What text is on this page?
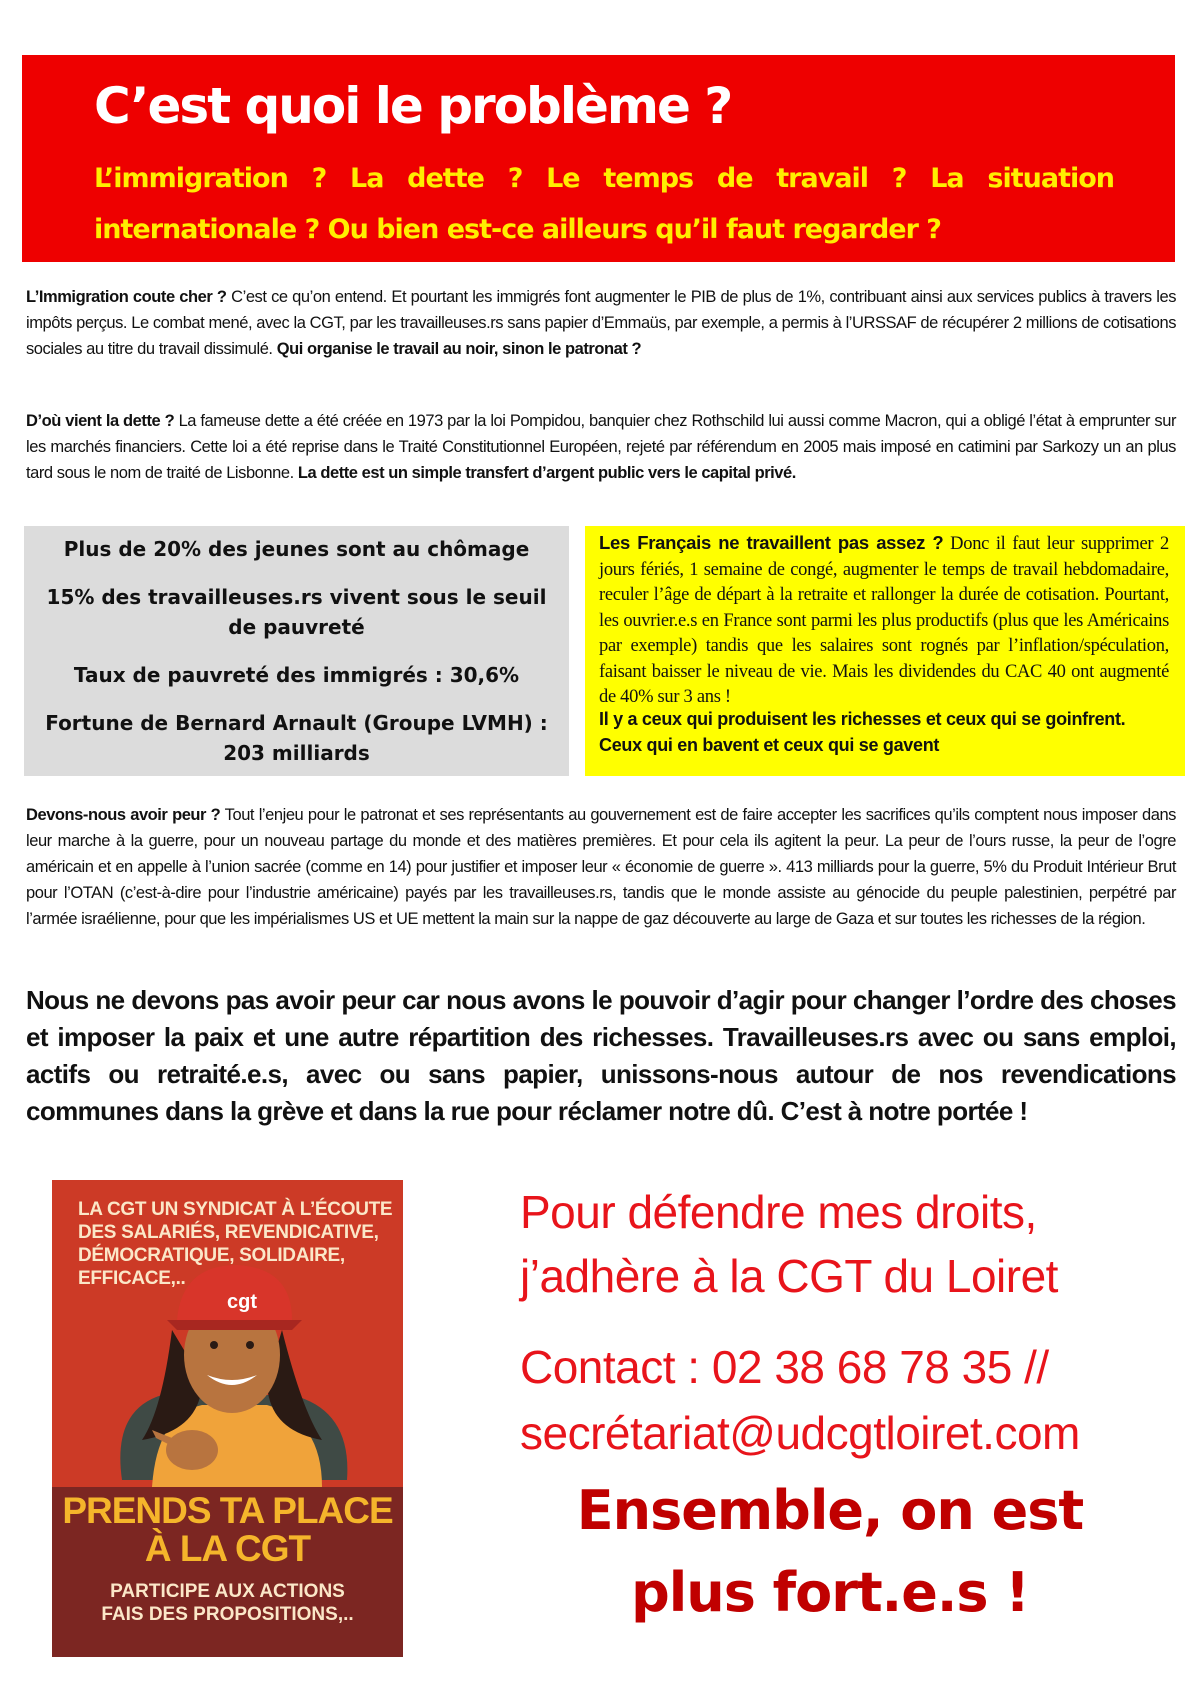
C’est quoi le problème ?
L’immigration ? La dette ? Le temps de travail ? La situation internationale ? Ou bien est-ce ailleurs qu’il faut regarder ?
L’Immigration coute cher ? C’est ce qu’on entend. Et pourtant les immigrés font augmenter le PIB de plus de 1%, contribuant ainsi aux services publics à travers les impôts perçus. Le combat mené, avec la CGT, par les travailleuses.rs sans papier d’Emmaüs, par exemple, a permis à l’URSSAF de récupérer 2 millions de cotisations sociales au titre du travail dissimulé. Qui organise le travail au noir, sinon le patronat ?
D’où vient la dette ? La fameuse dette a été créée en 1973 par la loi Pompidou, banquier chez Rothschild lui aussi comme Macron, qui a obligé l’état à emprunter sur les marchés financiers. Cette loi a été reprise dans le Traité Constitutionnel Européen, rejeté par référendum en 2005 mais imposé en catimini par Sarkozy un an plus tard sous le nom de traité de Lisbonne. La dette est un simple transfert d’argent public vers le capital privé.
Plus de 20% des jeunes sont au chômage
15% des travailleuses.rs vivent sous le seuil de pauvreté
Taux de pauvreté des immigrés : 30,6%
Fortune de Bernard Arnault (Groupe LVMH) : 203 milliards
Les Français ne travaillent pas assez ? Donc il faut leur supprimer 2 jours fériés, 1 semaine de congé, augmenter le temps de travail hebdomadaire, reculer l’âge de départ à la retraite et rallonger la durée de cotisation. Pourtant, les ouvrier.e.s en France sont parmi les plus productifs (plus que les Américains par exemple) tandis que les salaires sont rognés par l’inflation/spéculation, faisant baisser le niveau de vie. Mais les dividendes du CAC 40 ont augmenté de 40% sur 3 ans !
Il y a ceux qui produisent les richesses et ceux qui se goinfrent. Ceux qui en bavent et ceux qui se gavent
Devons-nous avoir peur ? Tout l’enjeu pour le patronat et ses représentants au gouvernement est de faire accepter les sacrifices qu’ils comptent nous imposer dans leur marche à la guerre, pour un nouveau partage du monde et des matières premières. Et pour cela ils agitent la peur. La peur de l’ours russe, la peur de l’ogre américain et en appelle à l’union sacrée (comme en 14) pour justifier et imposer leur « économie de guerre ». 413 milliards pour la guerre, 5% du Produit Intérieur Brut pour l’OTAN (c’est-à-dire pour l’industrie américaine) payés par les travailleuses.rs, tandis que le monde assiste au génocide du peuple palestinien, perpétré par l’armée israélienne, pour que les impérialismes US et UE mettent la main sur la nappe de gaz découverte au large de Gaza et sur toutes les richesses de la région.
Nous ne devons pas avoir peur car nous avons le pouvoir d’agir pour changer l’ordre des choses et imposer la paix et une autre répartition des richesses. Travailleuses.rs avec ou sans emploi, actifs ou retraité.e.s, avec ou sans papier, unissons-nous autour de nos revendications communes dans la grève et dans la rue pour réclamer notre dû. C’est à notre portée !
cgt
LA CGT UN SYNDICAT À L’ÉCOUTE
DES SALARIÉS, REVENDICATIVE,
DÉMOCRATIQUE, SOLIDAIRE,
EFFICACE,..
PRENDS TA PLACE
À LA CGT
PARTICIPE AUX ACTIONS
FAIS DES PROPOSITIONS,..
Pour défendre mes droits,
j’adhère à la CGT du Loiret
Contact : 02 38 68 78 35 //
secrétariat@udcgtloiret.com
Ensemble, on est
plus fort.e.s !
